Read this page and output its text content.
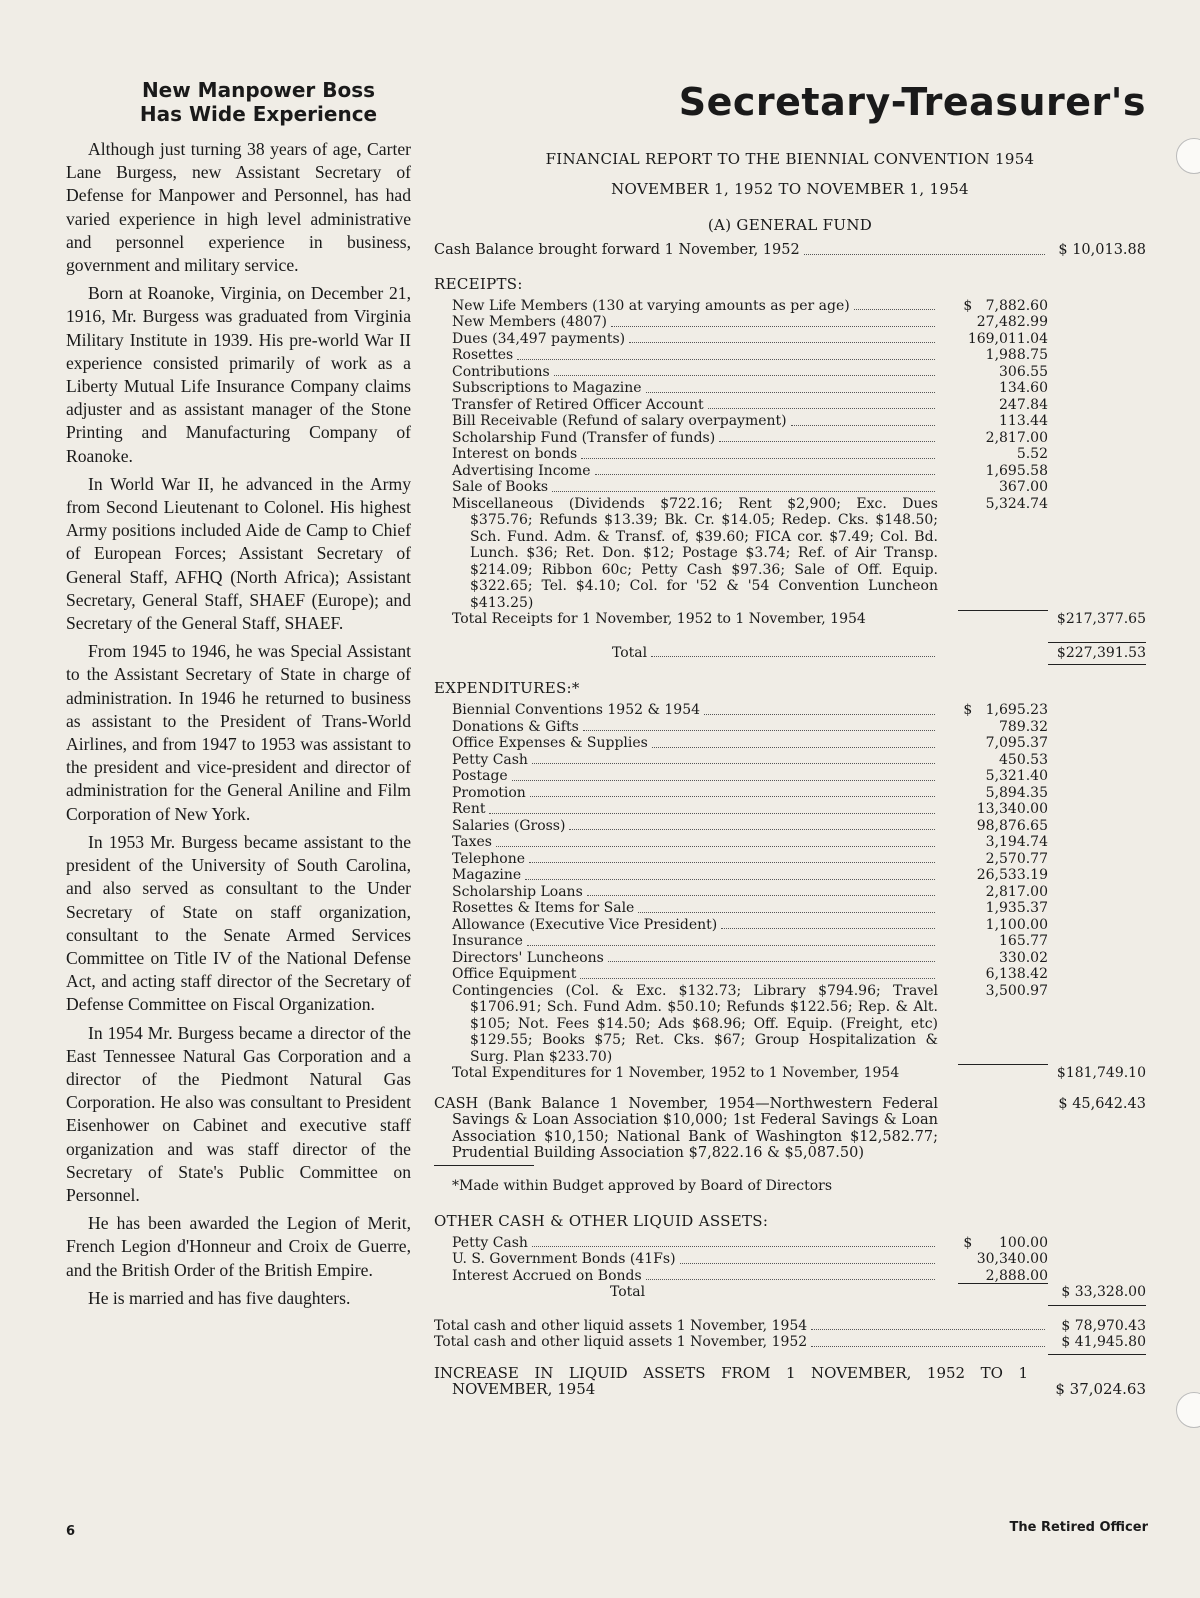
New Manpower Boss
Has Wide Experience

Although just turning 38 years of age, Carter Lane Burgess, new Assistant Secretary of Defense for Manpower and Personnel, has had varied experience in high level administrative and personnel experience in business, government and military service.

Born at Roanoke, Virginia, on December 21, 1916, Mr. Burgess was graduated from Virginia Military Institute in 1939. His pre-world War II experience consisted primarily of work as a Liberty Mutual Life Insurance Company claims adjuster and as assistant manager of the Stone Printing and Manufacturing Company of Roanoke.

In World War II, he advanced in the Army from Second Lieutenant to Colonel. His highest Army positions included Aide de Camp to Chief of European Forces; Assistant Secretary of General Staff, AFHQ (North Africa); Assistant Secretary, General Staff, SHAEF (Europe); and Secretary of the General Staff, SHAEF.

From 1945 to 1946, he was Special Assistant to the Assistant Secretary of State in charge of administration. In 1946 he returned to business as assistant to the President of Trans-World Airlines, and from 1947 to 1953 was assistant to the president and vice-president and director of administration for the General Aniline and Film Corporation of New York.

In 1953 Mr. Burgess became assistant to the president of the University of South Carolina, and also served as consultant to the Under Secretary of State on staff organization, consultant to the Senate Armed Services Committee on Title IV of the National Defense Act, and acting staff director of the Secretary of Defense Committee on Fiscal Organization.

In 1954 Mr. Burgess became a director of the East Tennessee Natural Gas Corporation and a director of the Piedmont Natural Gas Corporation. He also was consultant to President Eisenhower on Cabinet and executive staff organization and was staff director of the Secretary of State's Public Committee on Personnel.

He has been awarded the Legion of Merit, French Legion d'Honneur and Croix de Guerre, and the British Order of the British Empire.

He is married and has five daughters.

6	The Retired Officer
Secretary-Treasurer's
FINANCIAL REPORT TO THE BIENNIAL CONVENTION 1954
NOVEMBER 1, 1952 TO NOVEMBER 1, 1954
(A) GENERAL FUND
Cash Balance brought forward 1 November, 1952	$ 10,013.88
RECEIPTS:
New Life Members (130 at varying amounts as per age)	$   7,882.60
New Members (4807)	27,482.99
Dues (34,497 payments)	169,011.04
Rosettes	1,988.75
Contributions	306.55
Subscriptions to Magazine	134.60
Transfer of Retired Officer Account	247.84
Bill Receivable (Refund of salary overpayment)	113.44
Scholarship Fund (Transfer of funds)	2,817.00
Interest on bonds	5.52
Advertising Income	1,695.58
Sale of Books	367.00
Miscellaneous (Dividends $722.16; Rent $2,900; Exc. Dues $375.76; Refunds $13.39; Bk. Cr. $14.05; Redep. Cks. $148.50; Sch. Fund. Adm. & Transf. of, $39.60; FICA cor. $7.49; Col. Bd. Lunch. $36; Ret. Don. $12; Postage $3.74; Ref. of Air Transp. $214.09; Ribbon 60c; Petty Cash $97.36; Sale of Off. Equip. $322.65; Tel. $4.10; Col. for '52 & '54 Convention Luncheon $413.25)
5,324.74
Total Receipts for 1 November, 1952 to 1 November, 1954	$217,377.65
Total	$227,391.53
EXPENDITURES:*
Biennial Conventions 1952 & 1954	$   1,695.23
Donations & Gifts	789.32
Office Expenses & Supplies	7,095.37
Petty Cash	450.53
Postage	5,321.40
Promotion	5,894.35
Rent	13,340.00
Salaries (Gross)	98,876.65
Taxes	3,194.74
Telephone	2,570.77
Magazine	26,533.19
Scholarship Loans	2,817.00
Rosettes & Items for Sale	1,935.37
Allowance (Executive Vice President)	1,100.00
Insurance	165.77
Directors' Luncheons	330.02
Office Equipment	6,138.42
Contingencies (Col. & Exc. $132.73; Library $794.96; Travel $1706.91; Sch. Fund Adm. $50.10; Refunds $122.56; Rep. & Alt. $105; Not. Fees $14.50; Ads $68.96; Off. Equip. (Freight, etc) $129.55; Books $75; Ret. Cks. $67; Group Hospitalization & Surg. Plan $233.70)
3,500.97
Total Expenditures for 1 November, 1952 to 1 November, 1954	$181,749.10
CASH (Bank Balance 1 November, 1954—Northwestern Federal Savings & Loan Association $10,000; 1st Federal Savings & Loan Association $10,150; National Bank of Washington $12,582.77; Prudential Building Association $7,822.16 & $5,087.50)
$ 45,642.43
*Made within Budget approved by Board of Directors
OTHER CASH & OTHER LIQUID ASSETS:
Petty Cash	$      100.00
U. S. Government Bonds (41Fs)	30,340.00
Interest Accrued on Bonds	2,888.00
Total	$ 33,328.00
Total cash and other liquid assets 1 November, 1954	$ 78,970.43
Total cash and other liquid assets 1 November, 1952	$ 41,945.80
INCREASE IN LIQUID ASSETS FROM 1 NOVEMBER, 1952 TO 1 NOVEMBER, 1954	$ 37,024.63
